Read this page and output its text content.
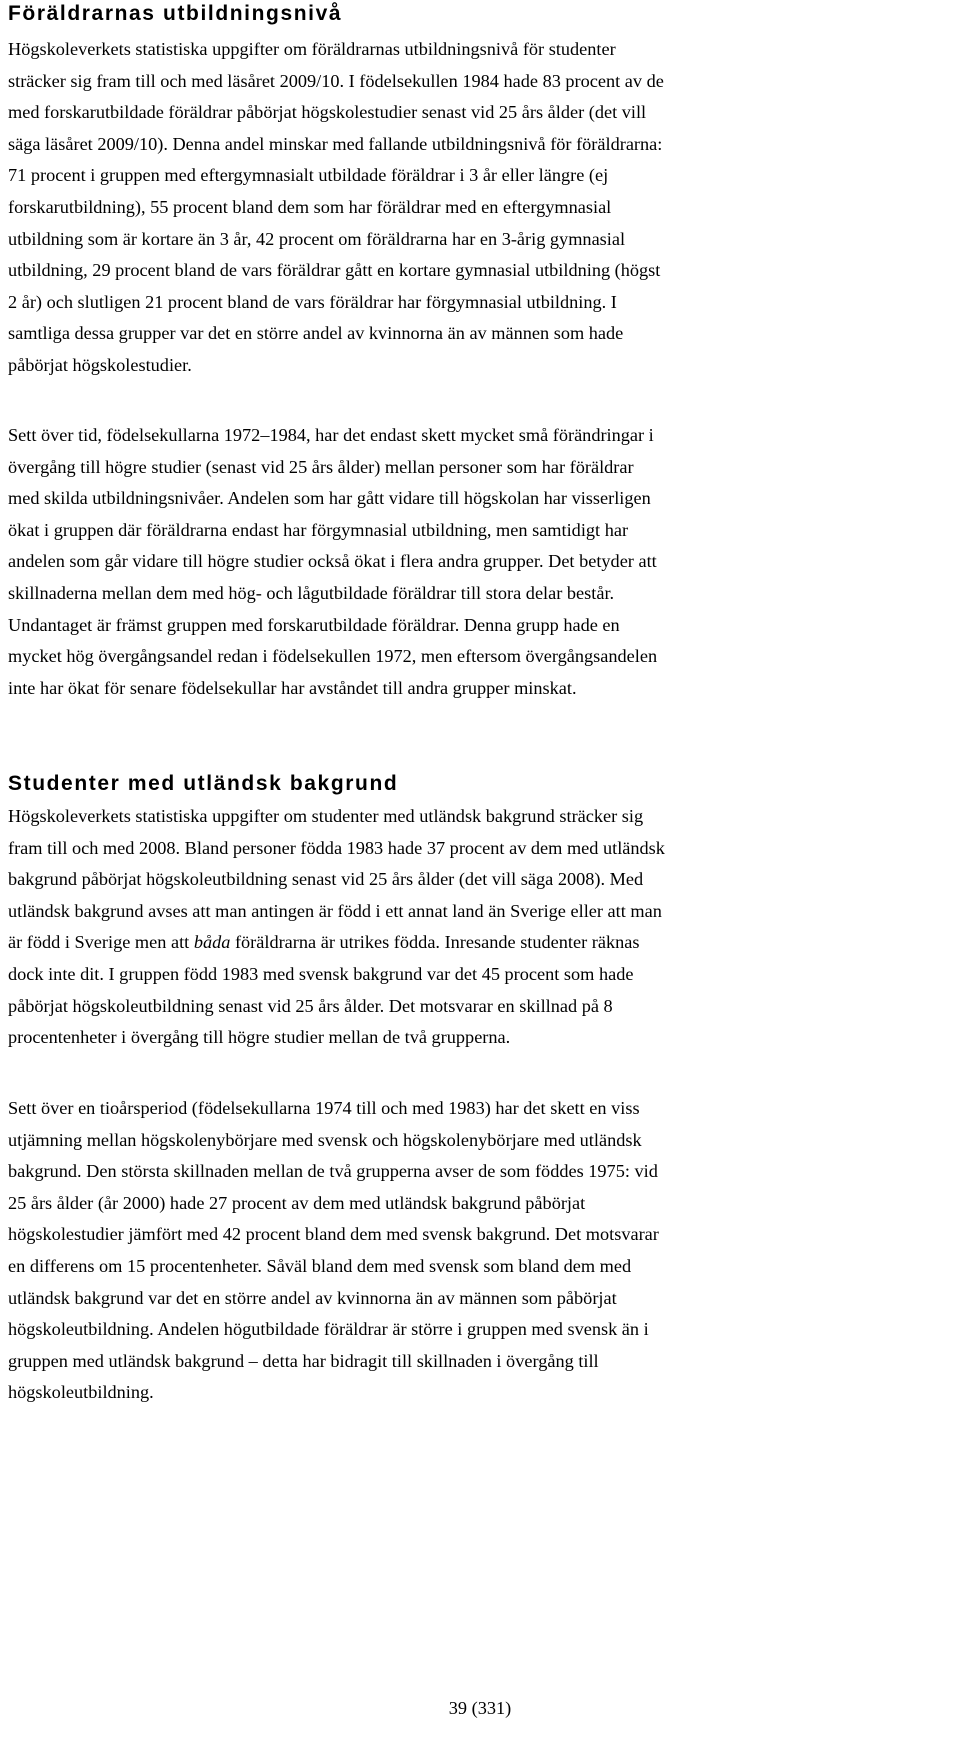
Föräldrarnas utbildningsnivå

Högskoleverkets statistiska uppgifter om föräldrarnas utbildningsnivå för studenter
sträcker sig fram till och med läsåret 2009/10. I födelsekullen 1984 hade 83 procent av de
med forskarutbildade föräldrar påbörjat högskolestudier senast vid 25 års ålder (det vill
säga läsåret 2009/10). Denna andel minskar med fallande utbildningsnivå för föräldrarna:
71 procent i gruppen med eftergymnasialt utbildade föräldrar i 3 år eller längre (ej
forskarutbildning), 55 procent bland dem som har föräldrar med en eftergymnasial
utbildning som är kortare än 3 år, 42 procent om föräldrarna har en 3-årig gymnasial
utbildning, 29 procent bland de vars föräldrar gått en kortare gymnasial utbildning (högst
2 år) och slutligen 21 procent bland de vars föräldrar har förgymnasial utbildning. I
samtliga dessa grupper var det en större andel av kvinnorna än av männen som hade
påbörjat högskolestudier.

Sett över tid, födelsekullarna 1972–1984, har det endast skett mycket små förändringar i
övergång till högre studier (senast vid 25 års ålder) mellan personer som har föräldrar
med skilda utbildningsnivåer. Andelen som har gått vidare till högskolan har visserligen
ökat i gruppen där föräldrarna endast har förgymnasial utbildning, men samtidigt har
andelen som går vidare till högre studier också ökat i flera andra grupper. Det betyder att
skillnaderna mellan dem med hög- och lågutbildade föräldrar till stora delar består.
Undantaget är främst gruppen med forskarutbildade föräldrar. Denna grupp hade en
mycket hög övergångsandel redan i födelsekullen 1972, men eftersom övergångsandelen
inte har ökat för senare födelsekullar har avståndet till andra grupper minskat.

Studenter med utländsk bakgrund

Högskoleverkets statistiska uppgifter om studenter med utländsk bakgrund sträcker sig
fram till och med 2008. Bland personer födda 1983 hade 37 procent av dem med utländsk
bakgrund påbörjat högskoleutbildning senast vid 25 års ålder (det vill säga 2008). Med
utländsk bakgrund avses att man antingen är född i ett annat land än Sverige eller att man
är född i Sverige men att båda föräldrarna är utrikes födda. Inresande studenter räknas
dock inte dit. I gruppen född 1983 med svensk bakgrund var det 45 procent som hade
påbörjat högskoleutbildning senast vid 25 års ålder. Det motsvarar en skillnad på 8
procentenheter i övergång till högre studier mellan de två grupperna.

Sett över en tioårsperiod (födelsekullarna 1974 till och med 1983) har det skett en viss
utjämning mellan högskolenybörjare med svensk och högskolenybörjare med utländsk
bakgrund. Den största skillnaden mellan de två grupperna avser de som föddes 1975: vid
25 års ålder (år 2000) hade 27 procent av dem med utländsk bakgrund påbörjat
högskolestudier jämfört med 42 procent bland dem med svensk bakgrund. Det motsvarar
en differens om 15 procentenheter. Såväl bland dem med svensk som bland dem med
utländsk bakgrund var det en större andel av kvinnorna än av männen som påbörjat
högskoleutbildning. Andelen högutbildade föräldrar är större i gruppen med svensk än i
gruppen med utländsk bakgrund – detta har bidragit till skillnaden i övergång till
högskoleutbildning.

39 (331)
